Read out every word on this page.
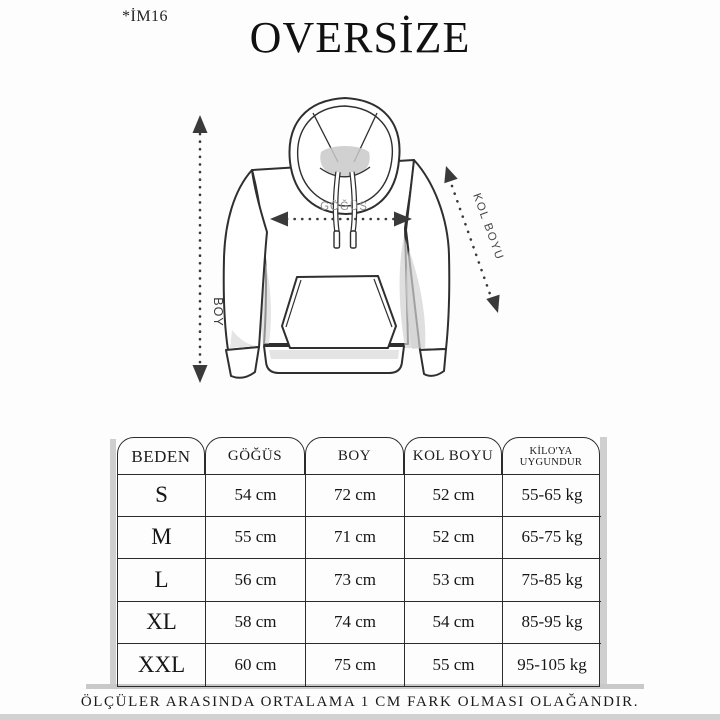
*İM16	OVERSİZE
BOY
GÖĞÜS	KOL BOYU
BEDEN	GÖĞÜS	BOY	KOL BOYU	KİLO'YA UYGUNDUR
S	54 cm	72 cm	52 cm	55-65 kg
M	55 cm	71 cm	52 cm	65-75 kg
L	56 cm	73 cm	53 cm	75-85 kg
XL	58 cm	74 cm	54 cm	85-95 kg
XXL	60 cm	75 cm	55 cm	95-105 kg
ÖLÇÜLER ARASINDA ORTALAMA 1 CM FARK OLMASI OLAĞANDIR.
